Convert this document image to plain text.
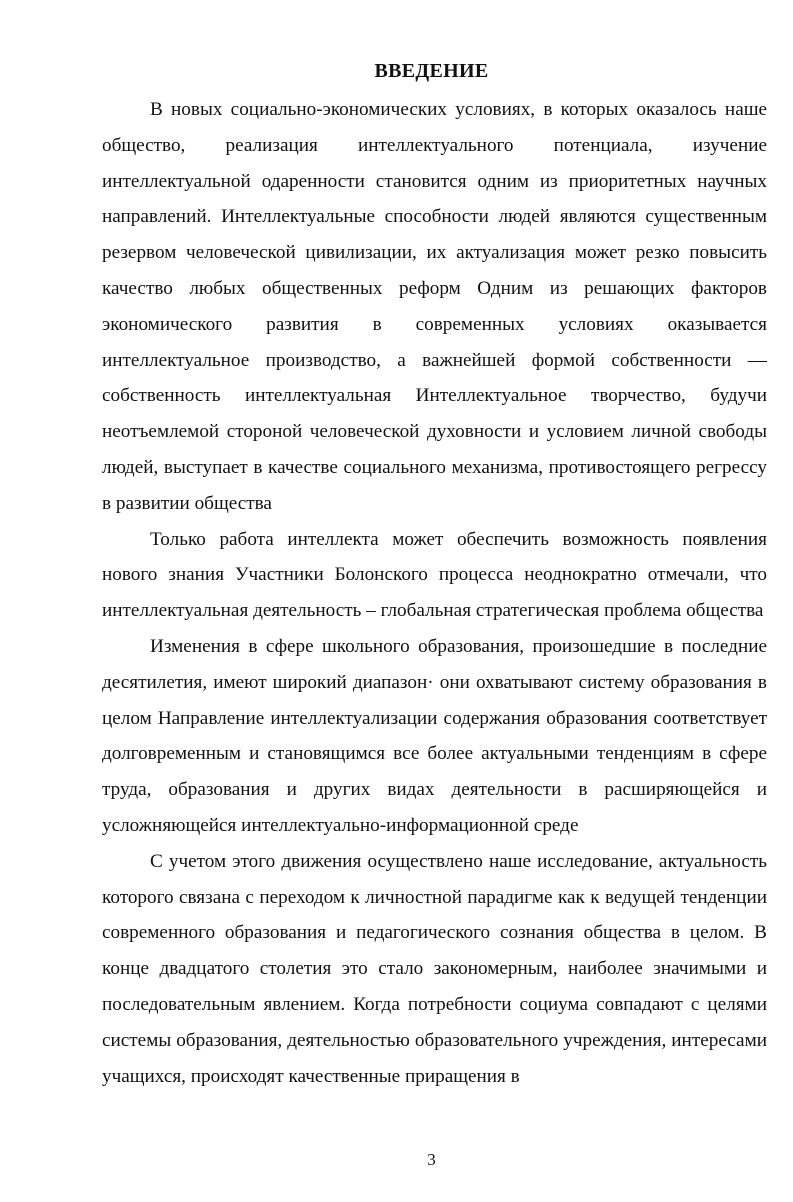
ВВЕДЕНИЕ

В новых социально-экономических условиях, в которых оказалось наше общество, реализация интеллектуального потенциала, изучение интеллектуальной одаренности становится одним из приоритетных научных направлений. Интеллектуальные способности людей являются существенным резервом человеческой цивилизации, их актуализация может резко повысить качество любых общественных реформ Одним из решающих факторов экономического развития в современных условиях оказывается интеллектуальное производство, а важнейшей формой собственности — собственность интеллектуальная Интеллектуальное творчество, будучи неотъемлемой стороной человеческой духовности и условием личной свободы людей, выступает в качестве социального механизма, противостоящего регрессу в развитии общества

Только работа интеллекта может обеспечить возможность появления нового знания Участники Болонского процесса неоднократно отмечали, что интеллектуальная деятельность – глобальная стратегическая проблема общества

Изменения в сфере школьного образования, произошедшие в последние десятилетия, имеют широкий диапазон· они охватывают систему образования в целом Направление интеллектуализации содержания образования соответствует долговременным и становящимся все более актуальными тенденциям в сфере труда, образования и других видах деятельности в расширяющейся и усложняющейся интеллектуально-информационной среде

С учетом этого движения осуществлено наше исследование, актуальность которого связана с переходом к личностной парадигме как к ведущей тенденции современного образования и педагогического сознания общества в целом. В конце двадцатого столетия это стало закономерным, наиболее значимыми и последовательным явлением. Когда потребности социума совпадают с целями системы образования, деятельностью образовательного учреждения, интересами учащихся, происходят качественные приращения в

3
